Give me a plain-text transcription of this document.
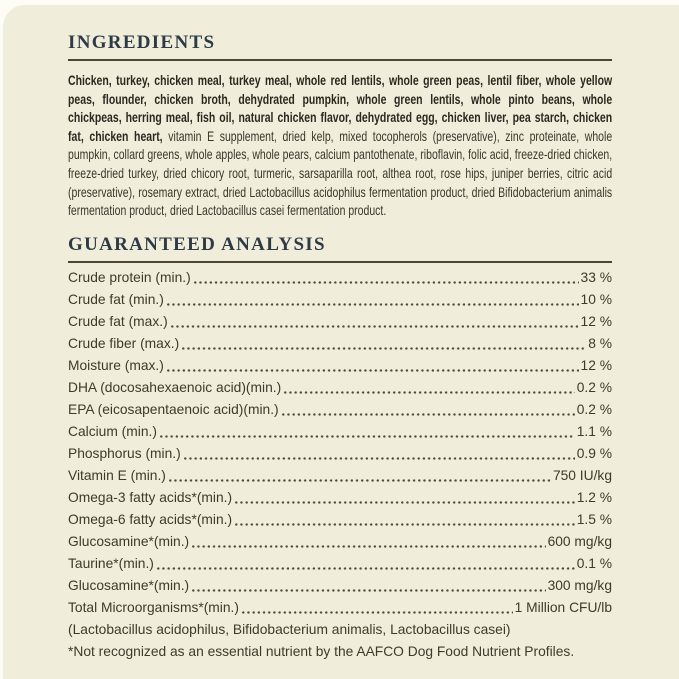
INGREDIENTS

Chicken, turkey, chicken meal, turkey meal, whole red lentils, whole green peas, lentil fiber, whole yellow peas, flounder, chicken broth, dehydrated pumpkin, whole green lentils, whole pinto beans, whole chickpeas, herring meal, fish oil, natural chicken flavor, dehydrated egg, chicken liver, pea starch, chicken fat, chicken heart, vitamin E supplement, dried kelp, mixed tocopherols (preservative), zinc proteinate, whole pumpkin, collard greens, whole apples, whole pears, calcium pantothenate, riboflavin, folic acid, freeze-dried chicken, freeze-dried turkey, dried chicory root, turmeric, sarsaparilla root, althea root, rose hips, juniper berries, citric acid (preservative), rosemary extract, dried Lactobacillus acidophilus fermentation product, dried Bifidobacterium animalis fermentation product, dried Lactobacillus casei fermentation product.

GUARANTEED ANALYSIS
Crude protein (min.)	33 %
Crude fat (min.)	10 %
Crude fat (max.)	12 %
Crude fiber (max.)	8 %
Moisture (max.)	12 %
DHA (docosahexaenoic acid)(min.)	0.2 %
EPA (eicosapentaenoic acid)(min.)	0.2 %
Calcium (min.)	1.1 %
Phosphorus (min.)	0.9 %
Vitamin E (min.)	750 IU/kg
Omega-3 fatty acids*(min.)	1.2 %
Omega-6 fatty acids*(min.)	1.5 %
Glucosamine*(min.)	600 mg/kg
Taurine*(min.)	0.1 %
Glucosamine*(min.)	300 mg/kg
Total Microorganisms*(min.)	1 Million CFU/lb
(Lactobacillus acidophilus, Bifidobacterium animalis, Lactobacillus casei)
*Not recognized as an essential nutrient by the AAFCO Dog Food Nutrient Profiles.
